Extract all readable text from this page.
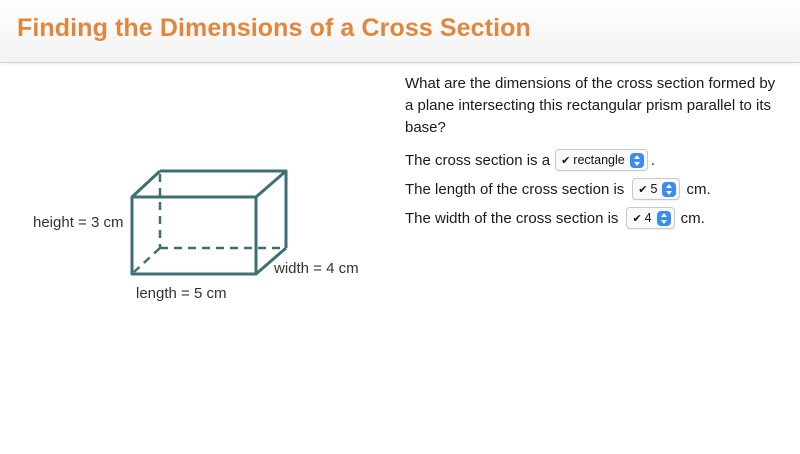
Finding the Dimensions of a Cross Section
height = 3 cm
width = 4 cm
length = 5 cm
What are the dimensions of the cross section formed by a plane intersecting this rectangular prism parallel to its base?
The cross section is a ✔ rectangle .
The length of the cross section is ✔ 5 cm.
The width of the cross section is ✔ 4 cm.
